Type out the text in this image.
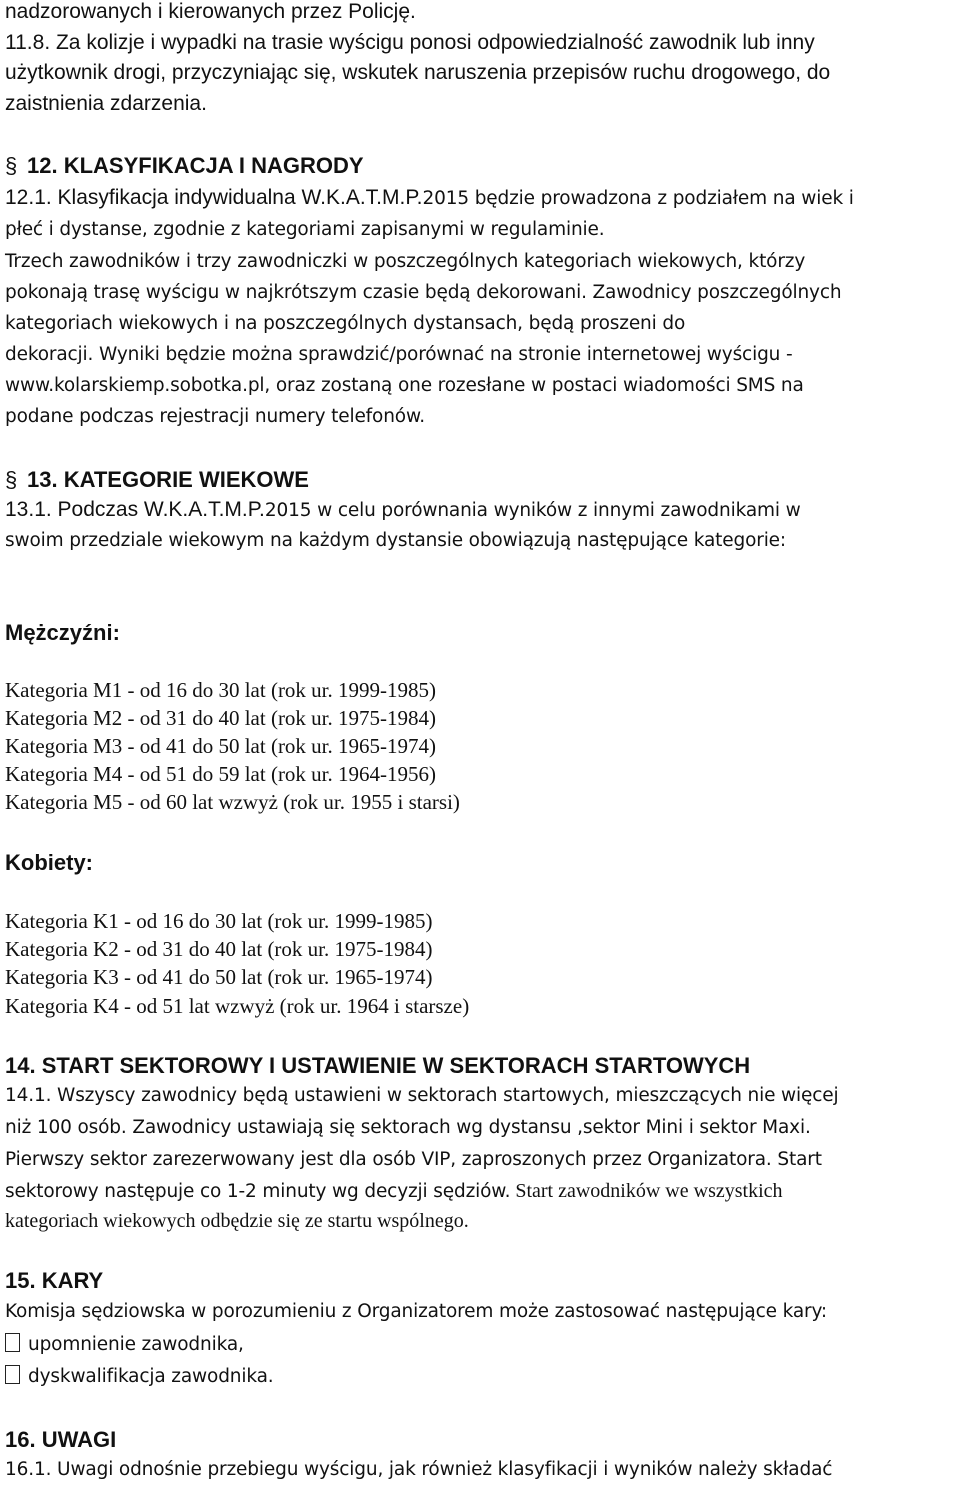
nadzorowanych i kierowanych przez Policję.
11.8. Za kolizje i wypadki na trasie wyścigu ponosi odpowiedzialność zawodnik lub inny
użytkownik drogi, przyczyniając się, wskutek naruszenia przepisów ruchu drogowego, do
zaistnienia zdarzenia.
§ 12. KLASYFIKACJA I NAGRODY
12.1. Klasyfikacja indywidualna W.K.A.T.M.P.2015 będzie prowadzona z podziałem na wiek i
płeć i dystanse, zgodnie z kategoriami zapisanymi w regulaminie.
Trzech zawodników i trzy zawodniczki w poszczególnych kategoriach wiekowych, którzy
pokonają trasę wyścigu w najkrótszym czasie będą dekorowani. Zawodnicy poszczególnych
kategoriach wiekowych i na poszczególnych dystansach, będą proszeni do
dekoracji. Wyniki będzie można sprawdzić/porównać na stronie internetowej wyścigu -
www.kolarskiemp.sobotka.pl, oraz zostaną one rozesłane w postaci wiadomości SMS na
podane podczas rejestracji numery telefonów.
§ 13. KATEGORIE WIEKOWE
13.1. Podczas W.K.A.T.M.P.2015 w celu porównania wyników z innymi zawodnikami w
swoim przedziale wiekowym na każdym dystansie obowiązują następujące kategorie:
Mężczyźni:
Kategoria M1 - od 16 do 30 lat (rok ur. 1999-1985)
Kategoria M2 - od 31 do 40 lat (rok ur. 1975-1984)
Kategoria M3 - od 41 do 50 lat (rok ur. 1965-1974)
Kategoria M4 - od 51 do 59 lat (rok ur. 1964-1956)
Kategoria M5 - od 60 lat wzwyż (rok ur. 1955 i starsi)
Kobiety:
Kategoria K1 - od 16 do 30 lat (rok ur. 1999-1985)
Kategoria K2 - od 31 do 40 lat (rok ur. 1975-1984)
Kategoria K3 - od 41 do 50 lat (rok ur. 1965-1974)
Kategoria K4 - od 51 lat wzwyż (rok ur. 1964 i starsze)
14. START SEKTOROWY I USTAWIENIE W SEKTORACH STARTOWYCH
14.1. Wszyscy zawodnicy będą ustawieni w sektorach startowych, mieszczących nie więcej
niż 100 osób. Zawodnicy ustawiają się sektorach wg dystansu ,sektor Mini i sektor Maxi.
Pierwszy sektor zarezerwowany jest dla osób VIP, zaproszonych przez Organizatora. Start
sektorowy następuje co 1-2 minuty wg decyzji sędziów. Start zawodników we wszystkich
kategoriach wiekowych odbędzie się ze startu wspólnego.
15. KARY
Komisja sędziowska w porozumieniu z Organizatorem może zastosować następujące kary:
upomnienie zawodnika,
dyskwalifikacja zawodnika.
16. UWAGI
16.1. Uwagi odnośnie przebiegu wyścigu, jak również klasyfikacji i wyników należy składać
